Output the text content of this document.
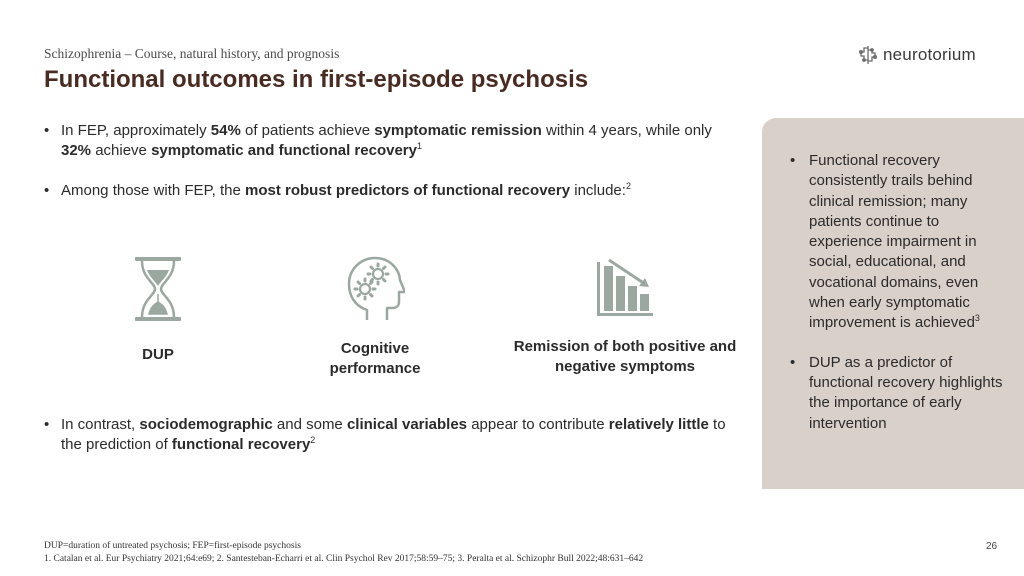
Schizophrenia – Course, natural history, and prognosis
Functional outcomes in first-episode psychosis
neurotorium
• In FEP, approximately 54% of patients achieve symptomatic remission within 4 years, while only 32% achieve symptomatic and functional recovery$^1$
• Among those with FEP, the most robust predictors of functional recovery include:$^2$
DUP	Cognitive performance
Remission of both positive and negative symptoms
• In contrast, sociodemographic and some clinical variables appear to contribute relatively little to the prediction of functional recovery$^2$
• Functional recovery consistently trails behind clinical remission; many patients continue to experience impairment in social, educational, and vocational domains, even when early symptomatic improvement is achieved$^3$
• DUP as a predictor of functional recovery highlights the importance of early intervention
DUP=duration of untreated psychosis; FEP=first-episode psychosis
1. Catalan et al. Eur Psychiatry 2021;64:e69; 2. Santesteban-Echarri et al. Clin Psychol Rev 2017;58:59–75; 3. Peralta et al. Schizophr Bull 2022;48:631–642
26
